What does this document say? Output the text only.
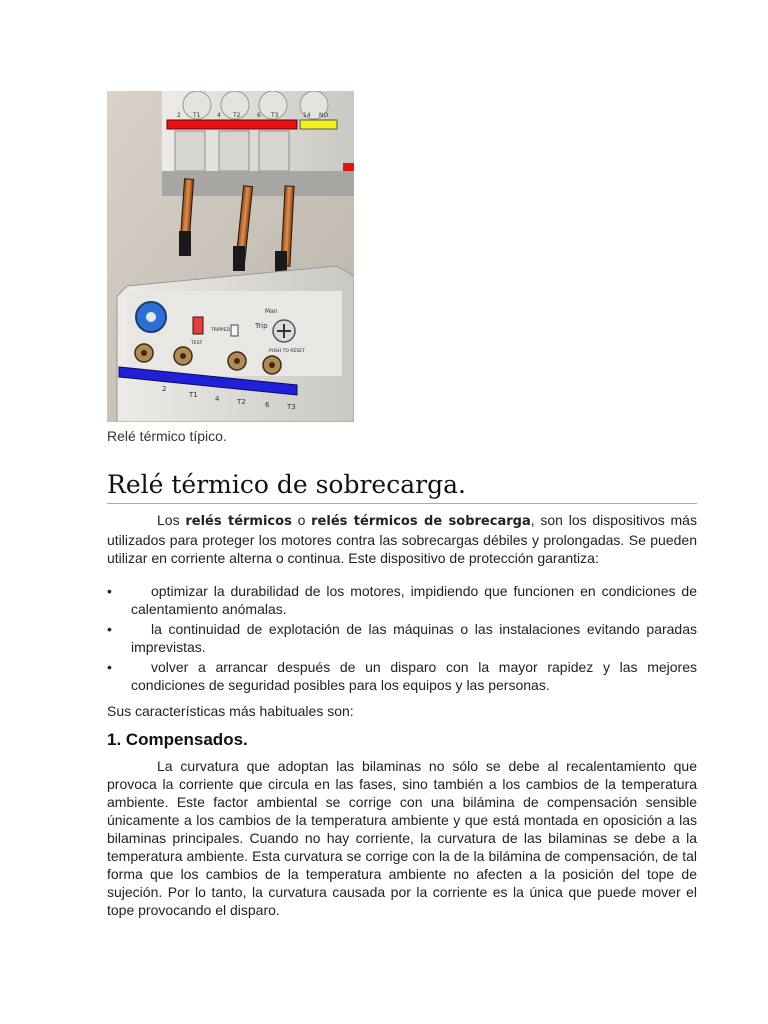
2 T1	4 T2	6 T3	14 NO
TEST
TRIPPED
Trip
Man
PUSH TO RESET
2
T1 4	T2	6	T3
Relé térmico típico.
Relé térmico de sobrecarga.

Los relés térmicos o relés térmicos de sobrecarga, son los dispositivos más utilizados para proteger los motores contra las sobrecargas débiles y prolongadas. Se pueden utilizar en corriente alterna o continua. Este dispositivo de protección garantiza:

•	optimizar la durabilidad de los motores, impidiendo que funcionen en condiciones de calentamiento anómalas.
•	la continuidad de explotación de las máquinas o las instalaciones evitando paradas imprevistas.
•	volver a arrancar después de un disparo con la mayor rapidez y las mejores condiciones de seguridad posibles para los equipos y las personas.

Sus características más habituales son:

1. Compensados.

La curvatura que adoptan las bilaminas no sólo se debe al recalentamiento que provoca la corriente que circula en las fases, sino también a los cambios de la temperatura ambiente. Este factor ambiental se corrige con una bilámina de compensación sensible únicamente a los cambios de la temperatura ambiente y que está montada en oposición a las bilaminas principales. Cuando no hay corriente, la curvatura de las bilaminas se debe a la temperatura ambiente. Esta curvatura se corrige con la de la bilámina de compensación, de tal forma que los cambios de la temperatura ambiente no afecten a la posición del tope de sujeción. Por lo tanto, la curvatura causada por la corriente es la única que puede mover el tope provocando el disparo.
